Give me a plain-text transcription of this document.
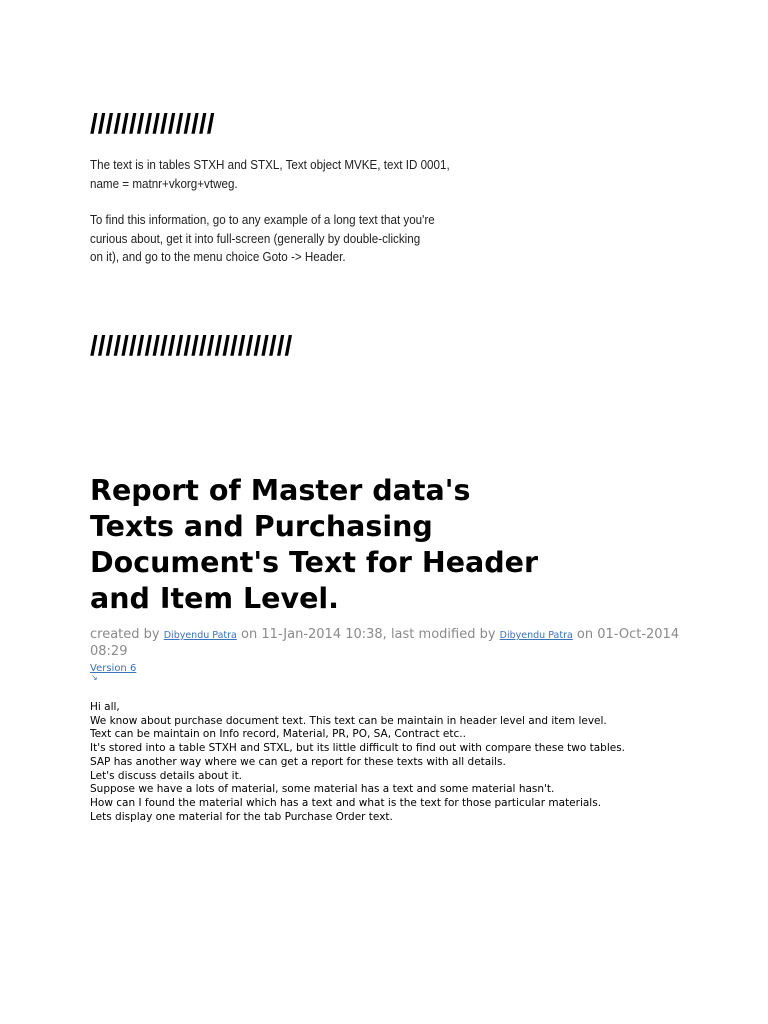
////////////////
The text is in tables STXH and STXL, Text object MVKE, text ID 0001,
name = matnr+vkorg+vtweg.
To find this information, go to any example of a long text that you're
curious about, get it into full-screen (generally by double-clicking
on it), and go to the menu choice Goto -> Header.
//////////////////////////
Report of Master data's
Texts and Purchasing
Document's Text for Header
and Item Level.
created by Dibyendu Patra on 11-Jan-2014 10:38, last modified by Dibyendu Patra on 01-Oct-2014 08:29
Version 6
↘
Hi all,
We know about purchase document text. This text can be maintain in header level and item level.
Text can be maintain on Info record, Material, PR, PO, SA, Contract etc..
It's stored into a table STXH and STXL, but its little difficult to find out with compare these two tables.
SAP has another way where we can get a report for these texts with all details.
Let's discuss details about it.
Suppose we have a lots of material, some material has a text and some material hasn't.
How can I found the material which has a text and what is the text for those particular materials.
Lets display one material for the tab Purchase Order text.
